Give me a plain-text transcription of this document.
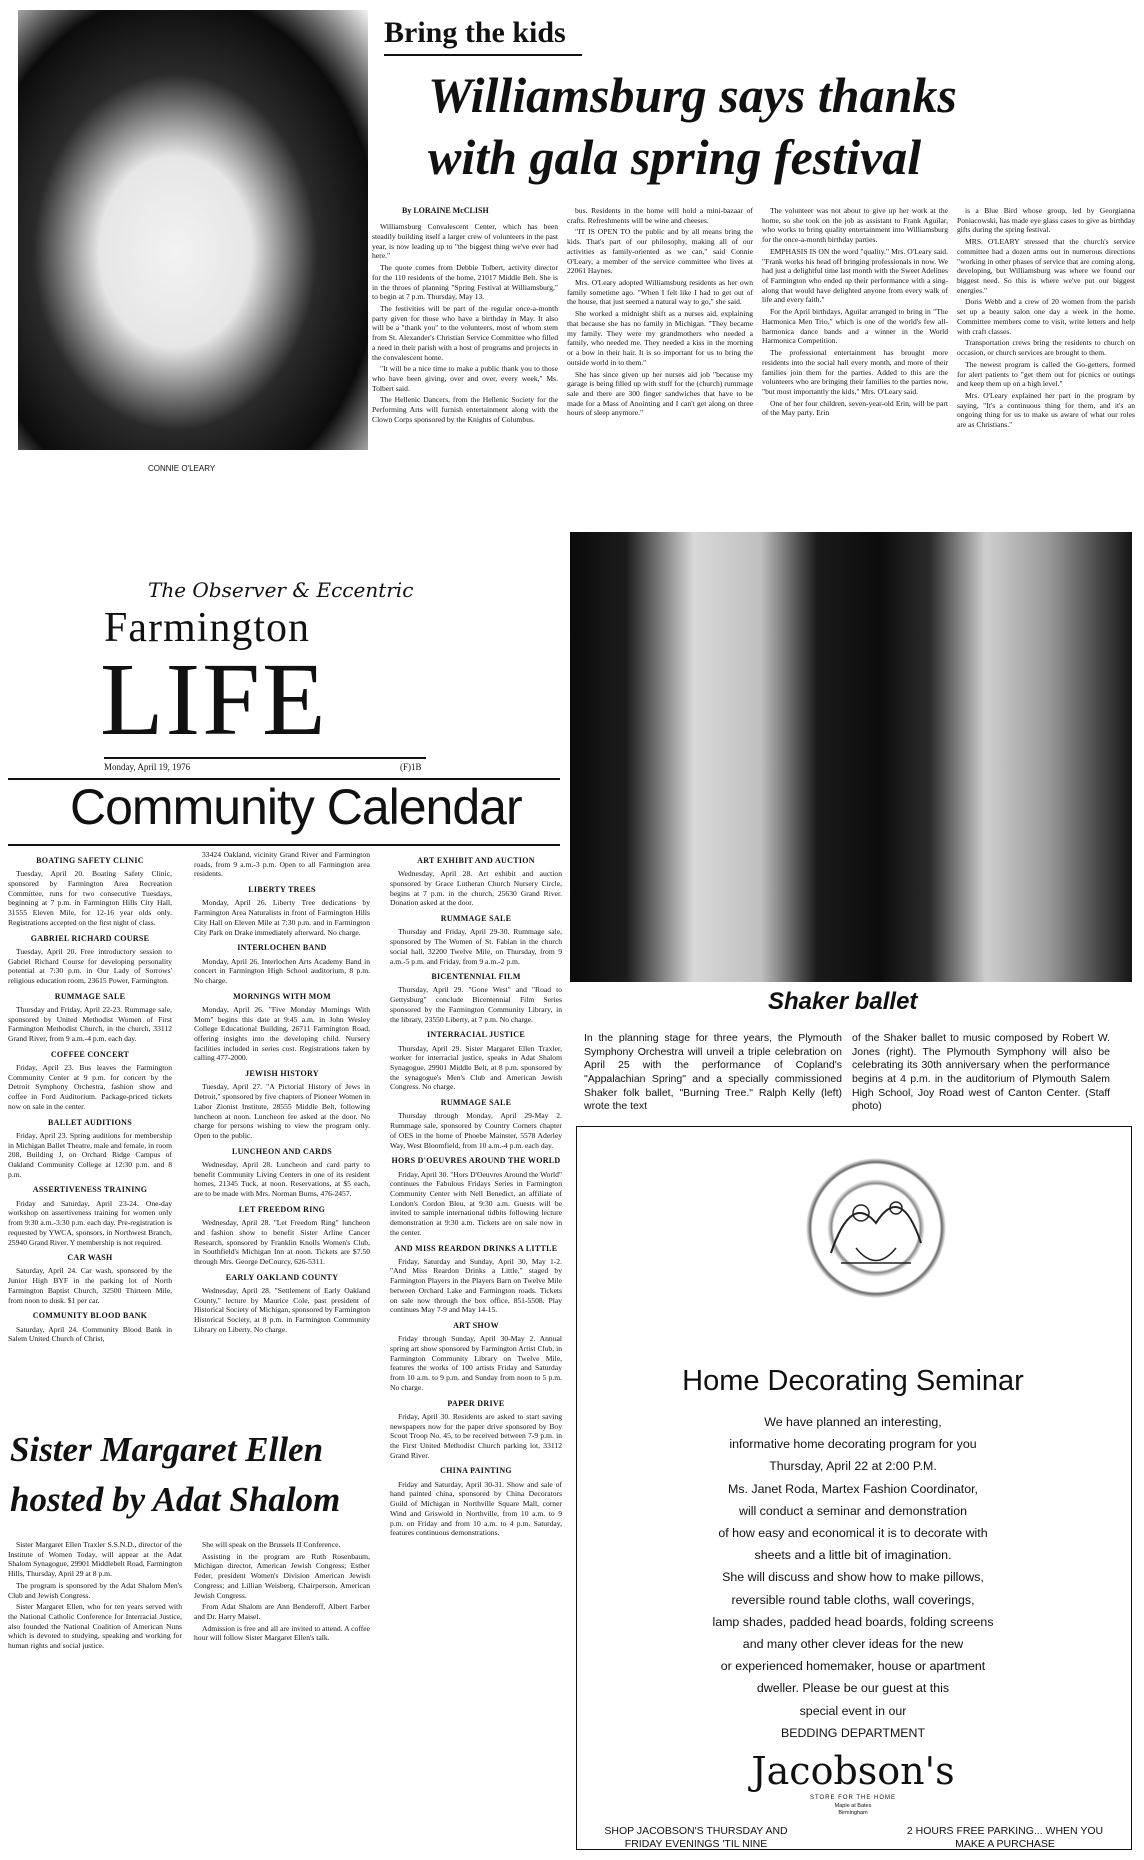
CONNIE O'LEARY
Bring the kids
Williamsburg says thanks
with gala spring festival
By LORAINE McCLISH

Williamsburg Convalescent Center, which has been steadily building itself a larger crew of volunteers in the past year, is now leading up to "the biggest thing we've ever had here."

The quote comes from Debbie Tolbert, activity director for the 110 residents of the home, 21017 Middle Belt. She is in the throes of planning "Spring Festival at Williamsburg," to begin at 7 p.m. Thursday, May 13.

The festivities will be part of the regular once-a-month party given for those who have a birthday in May. It also will be a "thank you" to the volunteers, most of whom stem from St. Alexander's Christian Service Committee who filled a need in their parish with a host of programs and projects in the convalescent home.

"It will be a nice time to make a public thank you to those who have been giving, over and over, every week," Ms. Tolbert said.

The Hellenic Dancers, from the Hellenic Society for the Performing Arts will furnish entertainment along with the Clown Corps sponsored by the Knights of Columbus.

bus. Residents in the home will hold a mini-bazaar of crafts. Refreshments will be wine and cheeses.

"IT IS OPEN TO the public and by all means bring the kids. That's part of our philosophy, making all of our activities as family-oriented as we can," said Connie O'Leary, a member of the service committee who lives at 22061 Haynes.

Mrs. O'Leary adopted Williamsburg residents as her own family sometime ago. "When I felt like I had to get out of the house, that just seemed a natural way to go," she said.

She worked a midnight shift as a nurses aid, explaining that because she has no family in Michigan. "They became my family. They were my grandmothers who needed a family, who needed me. They needed a kiss in the morning or a bow in their hair. It is so important for us to bring the outside world in to them."

She has since given up her nurses aid job "because my garage is being filled up with stuff for the (church) rummage sale and there are 300 finger sandwiches that have to be made for a Mass of Anointing and I can't get along on three hours of sleep anymore."

The volunteer was not about to give up her work at the home, so she took on the job as assistant to Frank Aguilar, who works to bring quality entertainment into Williamsburg for the once-a-month birthday parties.

EMPHASIS IS ON the word "quality." Mrs. O'Leary said. "Frank works his head off bringing professionals in now. We had just a delightful time last month with the Sweet Adelines of Farmington who ended up their performance with a sing-along that would have delighted anyone from every walk of life and every faith."

For the April birthdays, Aguilar arranged to bring in "The Harmonica Men Trio," which is one of the world's few all-harmonica dance bands and a winner in the World Harmonica Competition.

The professional entertainment has brought more residents into the social hall every month, and more of their families join them for the parties. Added to this are the volunteers who are bringing their families to the parties now, "but most importantly the kids," Mrs. O'Leary said.

One of her four children, seven-year-old Erin, will be part of the May party. Erin

is a Blue Bird whose group, led by Georgianna Poniacowski, has made eye glass cases to give as birthday gifts during the spring festival.

MRS. O'LEARY stressed that the church's service committee had a dozen arms out in numerous directions "working in other phases of service that are coming along, developing, but Williamsburg was where we found our biggest need. So this is where we've put our biggest energies."

Doris Webb and a crew of 20 women from the parish set up a beauty salon one day a week in the home. Committee members come to visit, write letters and help with craft classes.

Transportation crews bring the residents to church on occasion, or church services are brought to them.

The newest program is called the Go-getters, formed for alert patients to "get them out for picnics or outings and keep them up on a high level."

Mrs. O'Leary explained her part in the program by saying, "It's a continuous thing for them, and it's an ongoing thing for us to make us aware of what our roles are as Christians."

The Observer & Eccentric
Farmington
LIFE
Monday, April 19, 1976	(F)1B
Shaker ballet
In the planning stage for three years, the Plymouth Symphony Orchestra will unveil a triple celebration on April 25 with the performance of Copland's "Appalachian Spring" and a specially commissioned Shaker folk ballet, "Burning Tree." Ralph Kelly (left) wrote the text
of the Shaker ballet to music composed by Robert W. Jones (right). The Plymouth Symphony will also be celebrating its 30th anniversary when the performance begins at 4 p.m. in the auditorium of Plymouth Salem High School, Joy Road west of Canton Center. (Staff photo)
Community Calendar
BOATING SAFETY CLINIC

Tuesday, April 20. Boating Safety Clinic, sponsored by Farmington Area Recreation Committee, runs for two consecutive Tuesdays, beginning at 7 p.m. in Farmington Hills City Hall, 31555 Eleven Mile, for 12-16 year olds only. Registrations accepted on the first night of class.

GABRIEL RICHARD COURSE

Tuesday, April 20. Free introductory session to Gabriel Richard Course for developing personality potential at 7:30 p.m. in Our Lady of Sorrows' religious education room, 23615 Power, Farmington.

RUMMAGE SALE

Thursday and Friday, April 22-23. Rummage sale, sponsored by United Methodist Women of First Farmington Methodist Church, in the church, 33112 Grand River, from 9 a.m.-4 p.m. each day.

COFFEE CONCERT

Friday, April 23. Bus leaves the Farmington Community Center at 9 p.m. for concert by the Detroit Symphony Orchestra, fashion show and coffee in Ford Auditorium. Package-priced tickets now on sale in the center.

BALLET AUDITIONS

Friday, April 23. Spring auditions for membership in Michigan Ballet Theatre, male and female, in room 208, Building J, on Orchard Ridge Campus of Oakland Community College at 12:30 p.m. and 8 p.m.

ASSERTIVENESS TRAINING

Friday and Saturday, April 23-24. One-day workshop on assertiveness training for women only from 9:30 a.m.-3:30 p.m. each day. Pre-registration is requested by YWCA, sponsors, in Northwest Branch, 25940 Grand River. Y membership is not required.

CAR WASH

Saturday, April 24. Car wash, sponsored by the Junior High BYF in the parking lot of North Farmington Baptist Church, 32500 Thirteen Mile, from noon to dusk. $1 per car.

COMMUNITY BLOOD BANK

Saturday, April 24. Community Blood Bank in Salem United Church of Christ,

33424 Oakland, vicinity Grand River and Farmington roads, from 9 a.m.-3 p.m. Open to all Farmington area residents.

LIBERTY TREES

Monday, April 26. Liberty Tree dedications by Farmington Area Naturalists in front of Farmington Hills City Hall on Eleven Mile at 7:30 p.m. and in Farmington City Park on Drake immediately afterward. No charge.

INTERLOCHEN BAND

Monday, April 26. Interlochen Arts Academy Band in concert in Farmington High School auditorium, 8 p.m. No charge.

MORNINGS WITH MOM

Monday, April 26. "Five Monday Mornings With Mom" begins this date at 9:45 a.m. in John Wesley College Educational Building, 26711 Farmington Road, offering insights into the developing child. Nursery facilities included in series cost. Registrations taken by calling 477-2000.

JEWISH HISTORY

Tuesday, April 27. "A Pictorial History of Jews in Detroit," sponsored by five chapters of Pioneer Women in Labor Zionist Institute, 28555 Middle Belt, following luncheon at noon. Luncheon fee asked at the door. No charge for persons wishing to view the program only. Open to the public.

LUNCHEON AND CARDS

Wednesday, April 28. Luncheon and card party to benefit Community Living Centers in one of its resident homes, 21345 Tuck, at noon. Reservations, at $5 each, are to be made with Mrs. Norman Burns, 476-2457.

LET FREEDOM RING

Wednesday, April 28. "Let Freedom Ring" luncheon and fashion show to benefit Sister Arline Cancer Research, sponsored by Franklin Knolls Women's Club, in Southfield's Michigan Inn at noon. Tickets are $7.50 through Mrs. George DeCourcy, 626-5311.

EARLY OAKLAND COUNTY

Wednesday, April 28. "Settlement of Early Oakland County," lecture by Maurice Cole, past president of Historical Society of Michigan, sponsored by Farmington Historical Society, at 8 p.m. in Farmington Community Library on Liberty. No charge.

ART EXHIBIT AND AUCTION

Wednesday, April 28. Art exhibit and auction sponsored by Grace Lutheran Church Nursery Circle, begins at 7 p.m. in the church, 25630 Grand River. Donation asked at the door.

RUMMAGE SALE

Thursday and Friday, April 29-30. Rummage sale, sponsored by The Women of St. Fabian in the church social hall, 32200 Twelve Mile, on Thursday, from 9 a.m.-5 p.m. and Friday, from 9 a.m.-2 p.m.

BICENTENNIAL FILM

Thursday, April 29. "Gone West" and "Road to Gettysburg" conclude Bicentennial Film Series sponsored by the Farmington Community Library, in the library, 23550 Liberty, at 7 p.m. No charge.

INTERRACIAL JUSTICE

Thursday, April 29. Sister Margaret Ellen Traxler, worker for interracial justice, speaks in Adat Shalom Synagogue, 29901 Middle Belt, at 8 p.m. sponsored by the synagogue's Men's Club and American Jewish Congress. No charge.

RUMMAGE SALE

Thursday through Monday, April 29-May 2. Rummage sale, sponsored by Country Corners chapter of OES in the home of Phoebe Mainster, 5578 Aderley Way, West Bloomfield, from 10 a.m.-4 p.m. each day.

HORS D'OEUVRES AROUND THE WORLD

Friday, April 30. "Hors D'Oeuvres Around the World" continues the Fabulous Fridays Series in Farmington Community Center with Nell Benedict, an affiliate of London's Cordon Bleu, at 9:30 a.m. Guests will be invited to sample international tidbits following lecture demonstration at 9:30 a.m. Tickets are on sale now in the center.

AND MISS REARDON DRINKS A LITTLE

Friday, Saturday and Sunday, April 30, May 1-2. "And Miss Reardon Drinks a Little," staged by Farmington Players in the Players Barn on Twelve Mile between Orchard Lake and Farmington roads. Tickets on sale now through the box office, 851-5508. Play continues May 7-9 and May 14-15.

ART SHOW

Friday through Sunday, April 30-May 2. Annual spring art show sponsored by Farmington Artist Club, in Farmington Community Library on Twelve Mile, features the works of 100 artists Friday and Saturday from 10 a.m. to 9 p.m. and Sunday from noon to 5 p.m. No charge.

PAPER DRIVE

Friday, April 30. Residents are asked to start saving newspapers now for the paper drive sponsored by Boy Scout Troop No. 45, to be received between 7-9 p.m. in the First United Methodist Church parking lot, 33112 Grand River.

CHINA PAINTING

Friday and Saturday, April 30-31. Show and sale of hand painted china, sponsored by China Decorators Guild of Michigan in Northville Square Mall, corner Wind and Griswold in Northville, from 10 a.m. to 9 p.m. on Friday and from 10 a.m. to 4 p.m. Saturday, features continuous demonstrations.

Sister Margaret Ellen
hosted by Adat Shalom

Sister Margaret Ellen Traxler S.S.N.D., director of the Institute of Women Today, will appear at the Adat Shalom Synagogue, 29901 Middlebelt Road, Farmington Hills, Thursday, April 29 at 8 p.m.

The program is sponsored by the Adat Shalom Men's Club and Jewish Congress.

Sister Margaret Ellen, who for ten years served with the National Catholic Conference for Interracial Justice, also founded the National Coalition of American Nuns which is devoted to studying, speaking and working for human rights and social justice.

She will speak on the Brussels II Conference.

Assisting in the program are Ruth Rosenbaum, Michigan director, American Jewish Congress; Esther Feder, president Women's Division American Jewish Congress; and Lillian Weisberg, Chairperson, American Jewish Congress.

From Adat Shalom are Ann Benderoff, Albert Farber and Dr. Harry Maisel.

Admission is free and all are invited to attend. A coffee hour will follow Sister Margaret Ellen's talk.

Home Decorating Seminar
We have planned an interesting,
informative home decorating program for you
Thursday, April 22 at 2:00 P.M.
Ms. Janet Roda, Martex Fashion Coordinator,
will conduct a seminar and demonstration
of how easy and economical it is to decorate with
sheets and a little bit of imagination.
She will discuss and show how to make pillows,
reversible round table cloths, wall coverings,
lamp shades, padded head boards, folding screens
and many other clever ideas for the new
or experienced homemaker, house or apartment
dweller. Please be our guest at this
special event in our
BEDDING DEPARTMENT
Jacobson's
STORE FOR THE HOME
Maple at Bates
Birmingham
SHOP JACOBSON'S THURSDAY AND FRIDAY EVENINGS 'TIL NINE
2 HOURS FREE PARKING... WHEN YOU MAKE A PURCHASE
